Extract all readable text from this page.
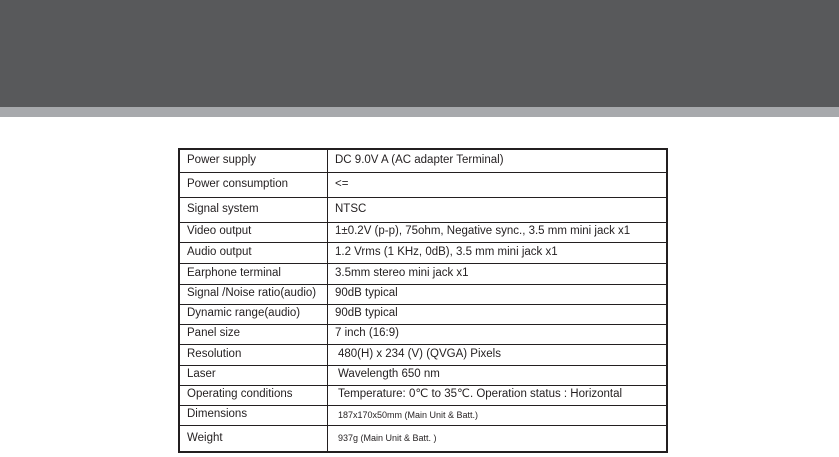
Power supply	DC 9.0V A (AC adapter Terminal)
Power consumption	<=
Signal system	NTSC
Video output	1±0.2V (p-p), 75ohm, Negative sync., 3.5 mm mini jack x1
Audio output	1.2 Vrms (1 KHz, 0dB), 3.5 mm mini jack x1
Earphone terminal	3.5mm stereo mini jack x1
Signal /Noise ratio(audio)	90dB typical
Dynamic range(audio)	90dB typical
Panel size	7 inch (16:9)
Resolution	480(H) x 234 (V) (QVGA) Pixels
Laser	Wavelength 650 nm
Operating conditions	Temperature: 0℃ to 35℃. Operation status : Horizontal
Dimensions	187x170x50mm (Main Unit & Batt.)
Weight	937g (Main Unit & Batt. )
